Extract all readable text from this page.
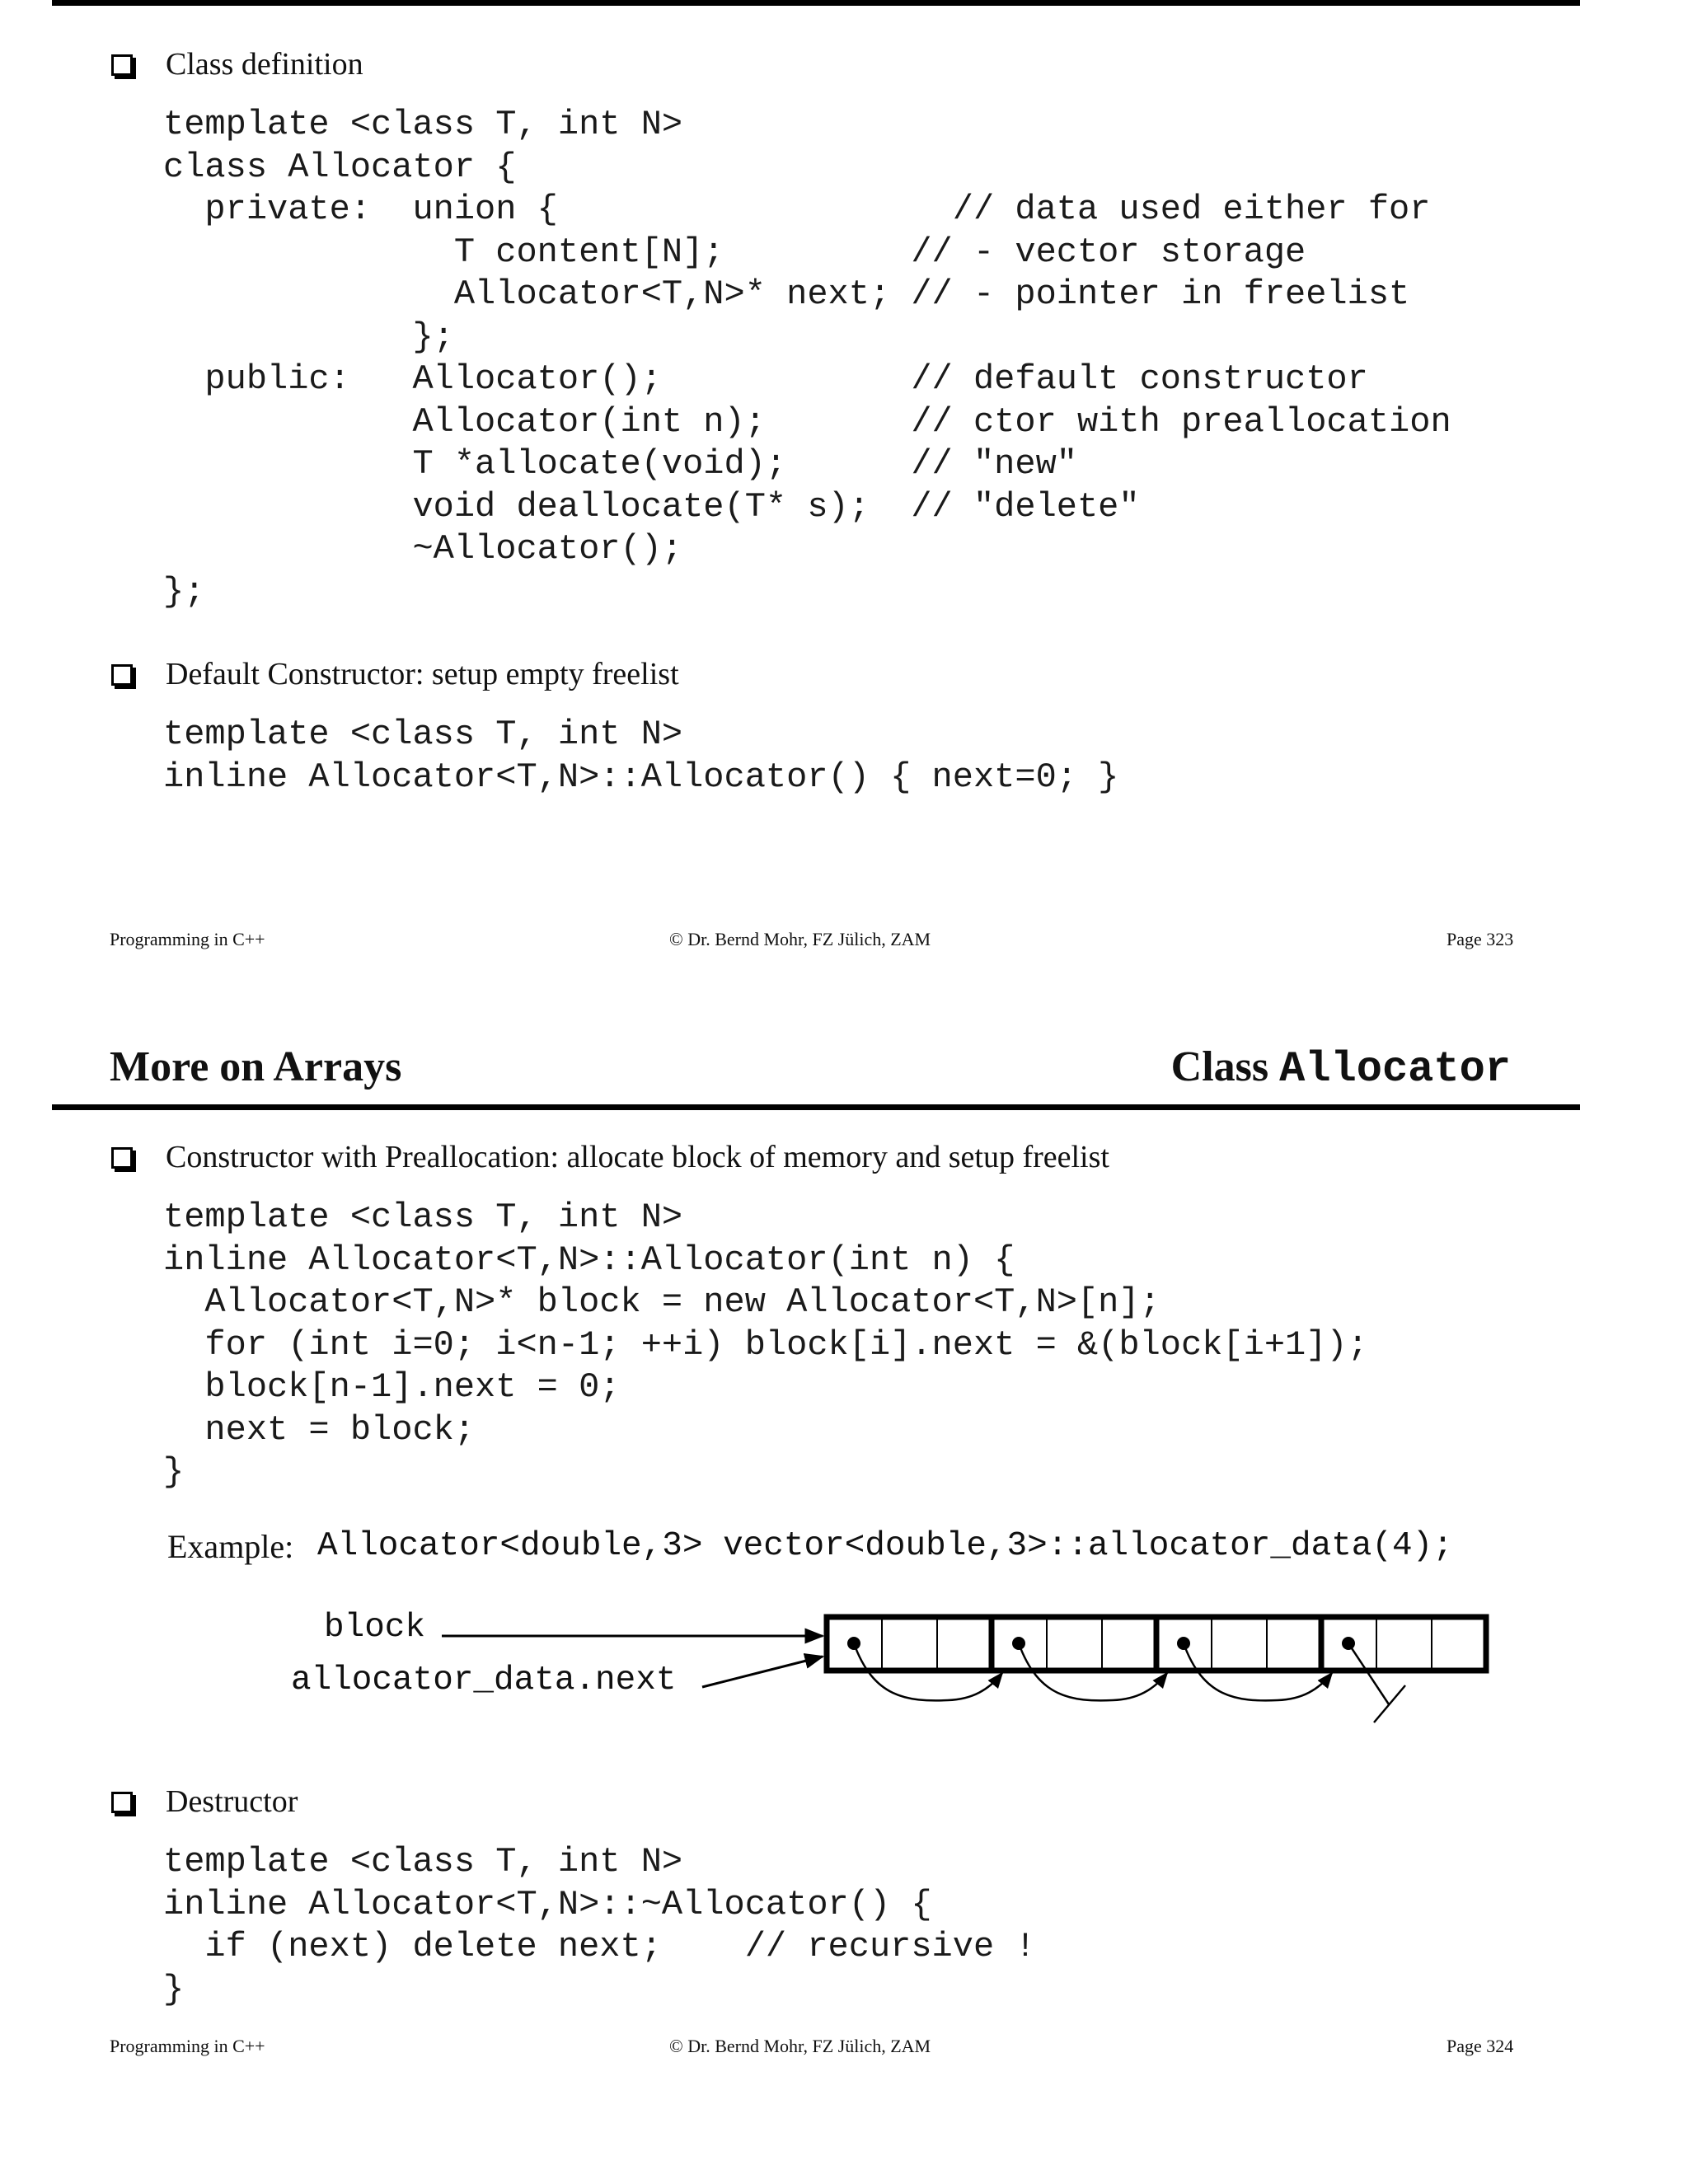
Class definition
template <class T, int N>
class Allocator {
private:  union {                   // data used either for
T content[N];         // - vector storage
Allocator<T,N>* next; // - pointer in freelist
};
public:   Allocator();            // default constructor
Allocator(int n);       // ctor with preallocation
T *allocate(void);      // "new"
void deallocate(T* s);  // "delete"
~Allocator();
};
Default Constructor: setup empty freelist
template <class T, int N>
inline Allocator<T,N>::Allocator() { next=0; }
Programming in C++	© Dr. Bernd Mohr, FZ Jülich, ZAM	Page 323
More on Arrays	Class Allocator
Constructor with Preallocation: allocate block of memory and setup freelist
template <class T, int N>
inline Allocator<T,N>::Allocator(int n) {
Allocator<T,N>* block = new Allocator<T,N>[n];
for (int i=0; i<n-1; ++i) block[i].next = &(block[i+1]);
block[n-1].next = 0;
next = block;
}
Example: Allocator<double,3> vector<double,3>::allocator_data(4);
block
allocator_data.next
Destructor
template <class T, int N>
inline Allocator<T,N>::~Allocator() {
if (next) delete next;    // recursive !
}
Programming in C++	© Dr. Bernd Mohr, FZ Jülich, ZAM	Page 324
